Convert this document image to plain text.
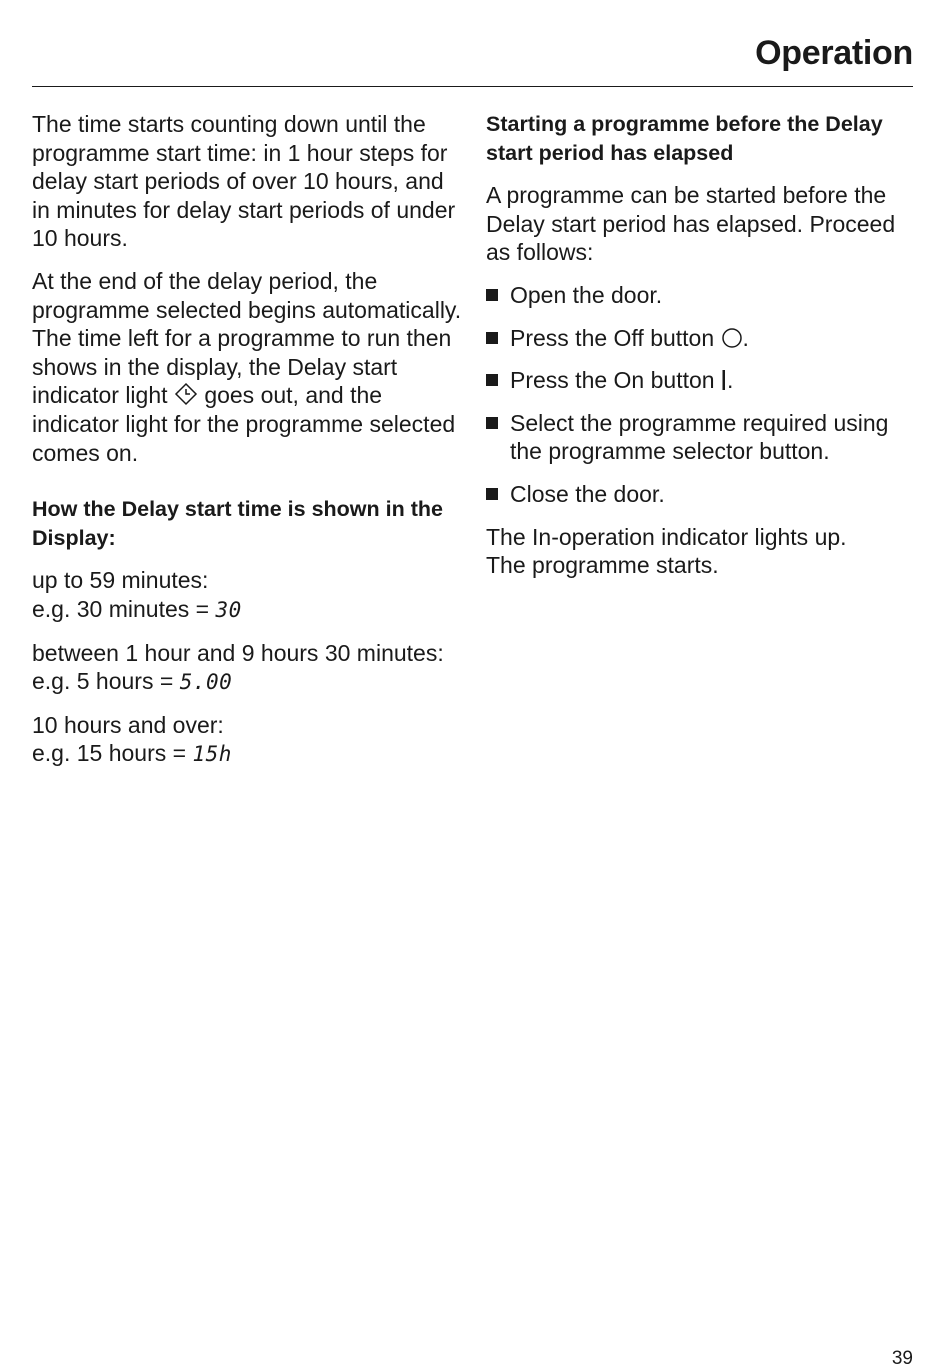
Operation

The time starts counting down until the programme start time: in 1 hour steps for delay start periods of over 10 hours, and in minutes for delay start periods of under 10 hours.

At the end of the delay period, the programme selected begins automatically. The time left for a programme to run then shows in the display, the Delay start indicator light goes out, and the indicator light for the programme selected comes on.

How the Delay start time is shown in the Display:

up to 59 minutes:
e.g. 30 minutes = 30

between 1 hour and 9 hours 30 minutes:
e.g. 5 hours = 5.00

10 hours and over:
e.g. 15 hours = 15h

Starting a programme before the Delay start period has elapsed

A programme can be started before the Delay start period has elapsed. Proceed as follows:

Open the door.
Press the Off button .
Press the On button .
Select the programme required using the programme selector button.
Close the door.

The In-operation indicator lights up.
The programme starts.

39
